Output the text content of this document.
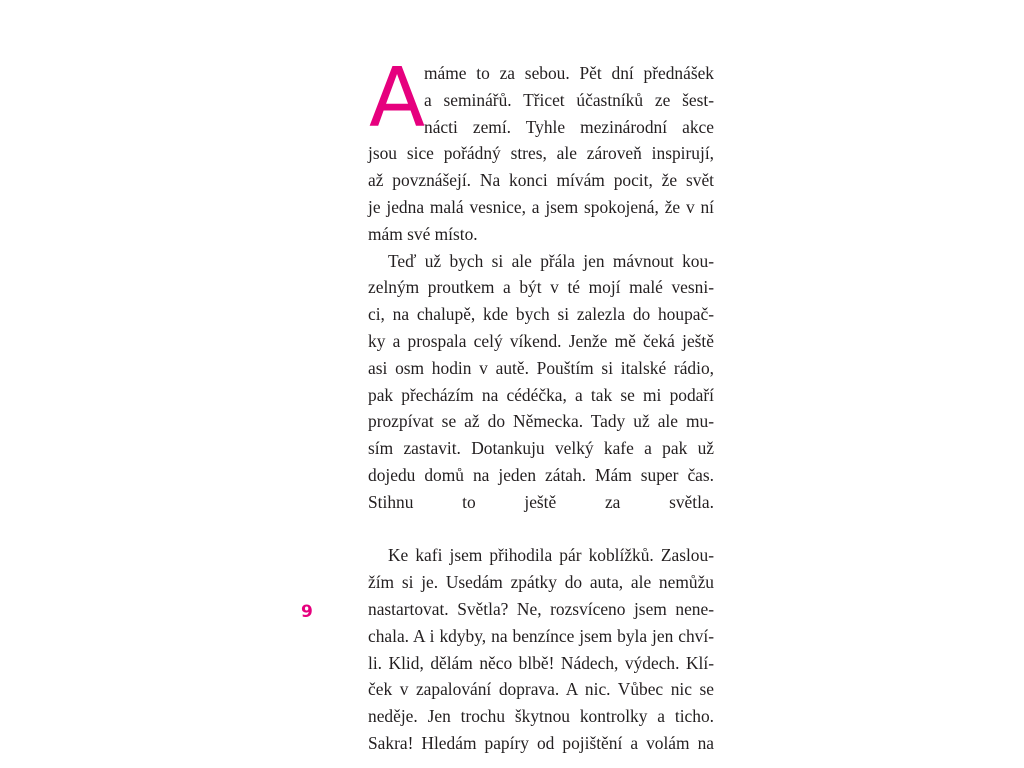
A máme to za sebou. Pět dní přednášek
a seminářů. Třicet účastníků ze šest-
nácti zemí. Tyhle mezinárodní akce
jsou sice pořádný stres, ale zároveň inspirují,
až povznášejí. Na konci mívám pocit, že svět
je jedna malá vesnice, a jsem spokojená, že v ní
mám své místo.
Teď už bych si ale přála jen mávnout kou-
zelným proutkem a být v té mojí malé vesni-
ci, na chalupě, kde bych si zalezla do houpač-
ky a prospala celý víkend. Jenže mě čeká ještě
asi osm hodin v autě. Pouštím si italské rádio,
pak přecházím na cédéčka, a tak se mi podaří
prozpívat se až do Německa. Tady už ale mu-
sím zastavit. Dotankuju velký kafe a pak už
dojedu domů na jeden zátah. Mám super čas.
Stihnu to ještě za světla.
Ke kafi jsem přihodila pár koblížků. Zaslou-
žím si je. Usedám zpátky do auta, ale nemůžu
nastartovat. Světla? Ne, rozsvíceno jsem nene-
chala. A i kdyby, na benzínce jsem byla jen chví-
li. Klid, dělám něco blbě! Nádech, výdech. Klí-
ček v zapalování doprava. A nic. Vůbec nic se
neděje. Jen trochu škytnou kontrolky a ticho.
Sakra! Hledám papíry od pojištění a volám na
9
